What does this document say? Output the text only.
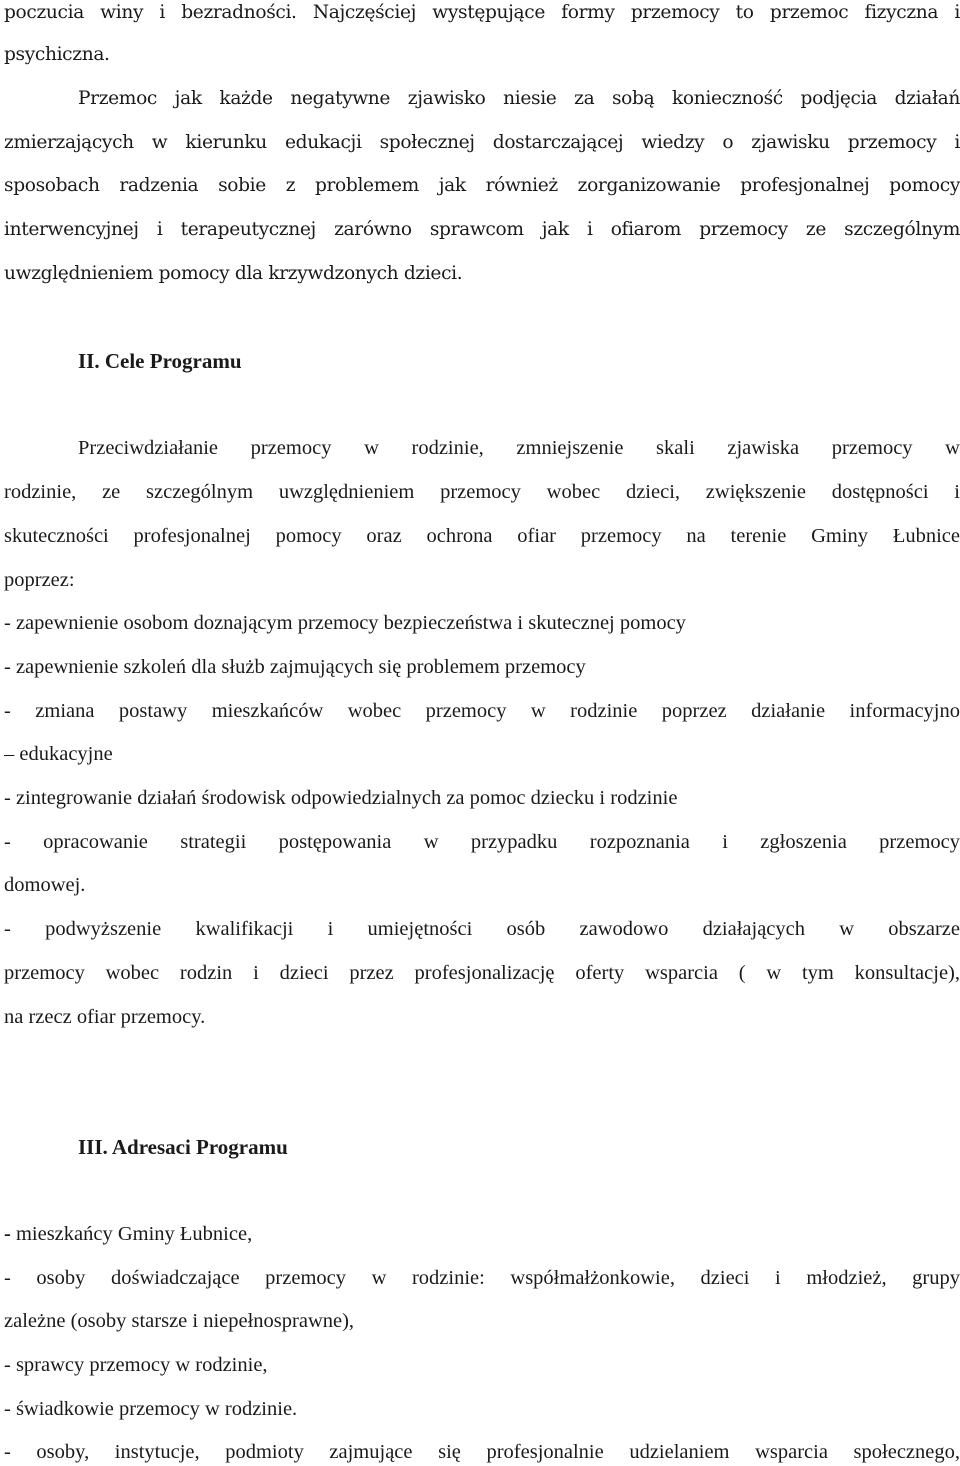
poczucia winy i bezradności. Najczęściej występujące formy przemocy to przemoc fizyczna i
psychiczna.
Przemoc jak każde negatywne zjawisko niesie za sobą konieczność podjęcia działań
zmierzających w kierunku edukacji społecznej dostarczającej wiedzy o zjawisku przemocy i
sposobach radzenia sobie z problemem jak również zorganizowanie profesjonalnej pomocy
interwencyjnej i terapeutycznej zarówno sprawcom jak i ofiarom przemocy ze szczególnym
uwzględnieniem pomocy dla krzywdzonych dzieci.
II. Cele Programu
Przeciwdziałanie przemocy w rodzinie, zmniejszenie skali zjawiska przemocy w
rodzinie, ze szczególnym uwzględnieniem przemocy wobec dzieci, zwiększenie dostępności i
skuteczności profesjonalnej pomocy oraz ochrona ofiar przemocy na terenie Gminy Łubnice
poprzez:
- zapewnienie osobom doznającym przemocy bezpieczeństwa i skutecznej pomocy
- zapewnienie szkoleń dla służb zajmujących się problemem przemocy
- zmiana postawy mieszkańców wobec przemocy w rodzinie poprzez działanie informacyjno
– edukacyjne
- zintegrowanie działań środowisk odpowiedzialnych za pomoc dziecku i rodzinie
- opracowanie strategii postępowania w przypadku rozpoznania i zgłoszenia przemocy
domowej.
- podwyższenie kwalifikacji i umiejętności osób zawodowo działających w obszarze
przemocy wobec rodzin i dzieci przez profesjonalizację oferty wsparcia ( w tym konsultacje),
na rzecz ofiar przemocy.
III. Adresaci Programu
- mieszkańcy Gminy Łubnice,
- osoby doświadczające przemocy w rodzinie: współmałżonkowie, dzieci i młodzież, grupy
zależne (osoby starsze i niepełnosprawne),
- sprawcy przemocy w rodzinie,
- świadkowie przemocy w rodzinie.
- osoby, instytucje, podmioty zajmujące się profesjonalnie udzielaniem wsparcia społecznego,
